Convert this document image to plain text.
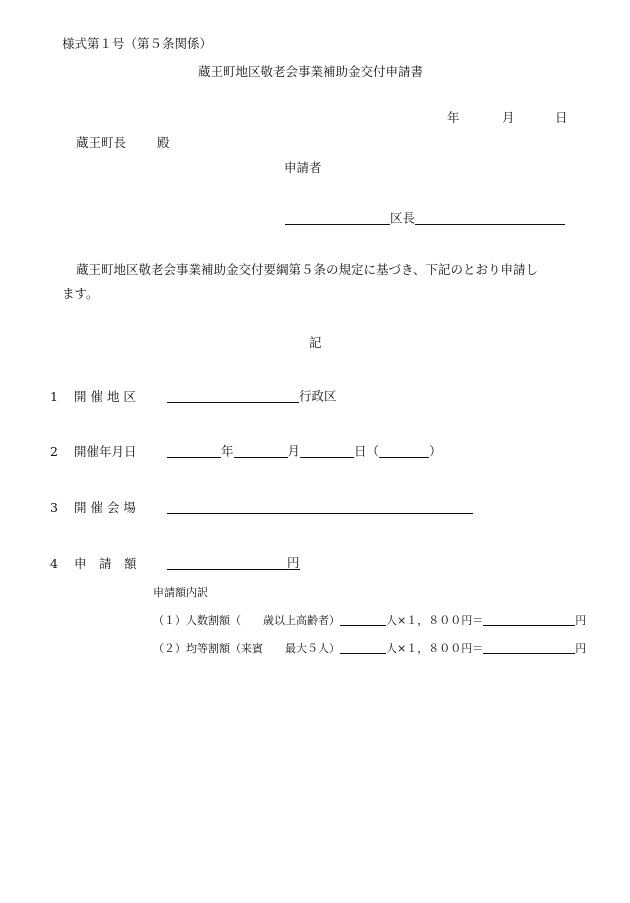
様式第１号（第５条関係）
蔵王町地区敬老会事業補助金交付申請書
年	月	日
蔵王町長 殿
申請者
区長
蔵王町地区敬老会事業補助金交付要綱第５条の規定に基づき、下記のとおり申請し
ます。
記
1 開 催 地 区	行政区
2 開催年月日	年	月	日（	）
3 開 催 会 場
4 申　請　額	円
申請額内訳
（１）人数割額（　　歳以上高齢者）	人×１，８００円＝	円
（２）均等割額（来賓　　最大５人）	人×１，８００円＝	円
